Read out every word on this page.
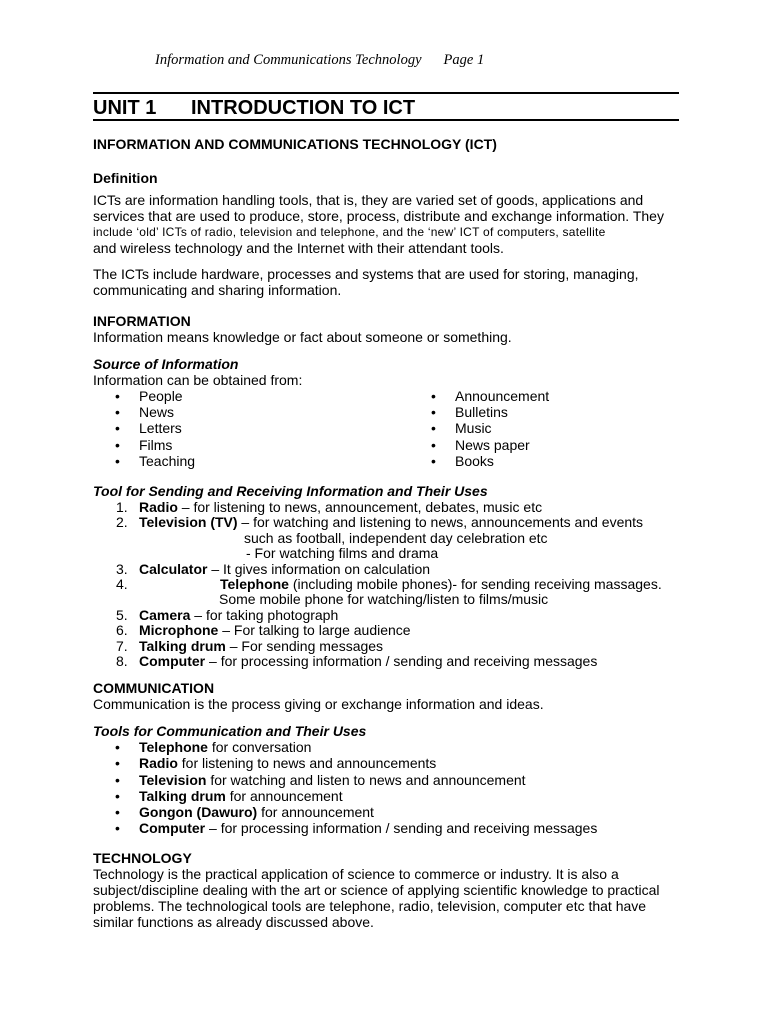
Information and Communications Technology Page 1
UNIT 1 INTRODUCTION TO ICT

INFORMATION AND COMMUNICATIONS TECHNOLOGY (ICT)

Definition

ICTs are information handling tools, that is, they are varied set of goods, applications and

services that are used to produce, store, process, distribute and exchange information. They

include ‘old’ ICTs of radio, television and telephone, and the ‘new’ ICT of computers, satellite

and wireless technology and the Internet with their attendant tools.

The ICTs include hardware, processes and systems that are used for storing, managing,

communicating and sharing information.

INFORMATION

Information means knowledge or fact about someone or something.

Source of Information

Information can be obtained from:

• People
• News
• Letters
• Films
• Teaching
• Announcement
• Bulletins
• Music
• News paper
• Books

Tool for Sending and Receiving Information and Their Uses

1. Radio – for listening to news, announcement, debates, music etc
2. Television (TV) – for watching and listening to news, announcements and events
such as football, independent day celebration etc
- For watching films and drama
3. Calculator – It gives information on calculation
4.	Telephone (including mobile phones)- for sending receiving massages.
Some mobile phone for watching/listen to films/music
5. Camera – for taking photograph
6. Microphone – For talking to large audience
7. Talking drum – For sending messages
8. Computer – for processing information / sending and receiving messages

COMMUNICATION

Communication is the process giving or exchange information and ideas.

Tools for Communication and Their Uses

• Telephone for conversation
• Radio for listening to news and announcements
• Television for watching and listen to news and announcement
• Talking drum for announcement
• Gongon (Dawuro) for announcement
• Computer – for processing information / sending and receiving messages

TECHNOLOGY

Technology is the practical application of science to commerce or industry. It is also a

subject/discipline dealing with the art or science of applying scientific knowledge to practical

problems. The technological tools are telephone, radio, television, computer etc that have

similar functions as already discussed above.
